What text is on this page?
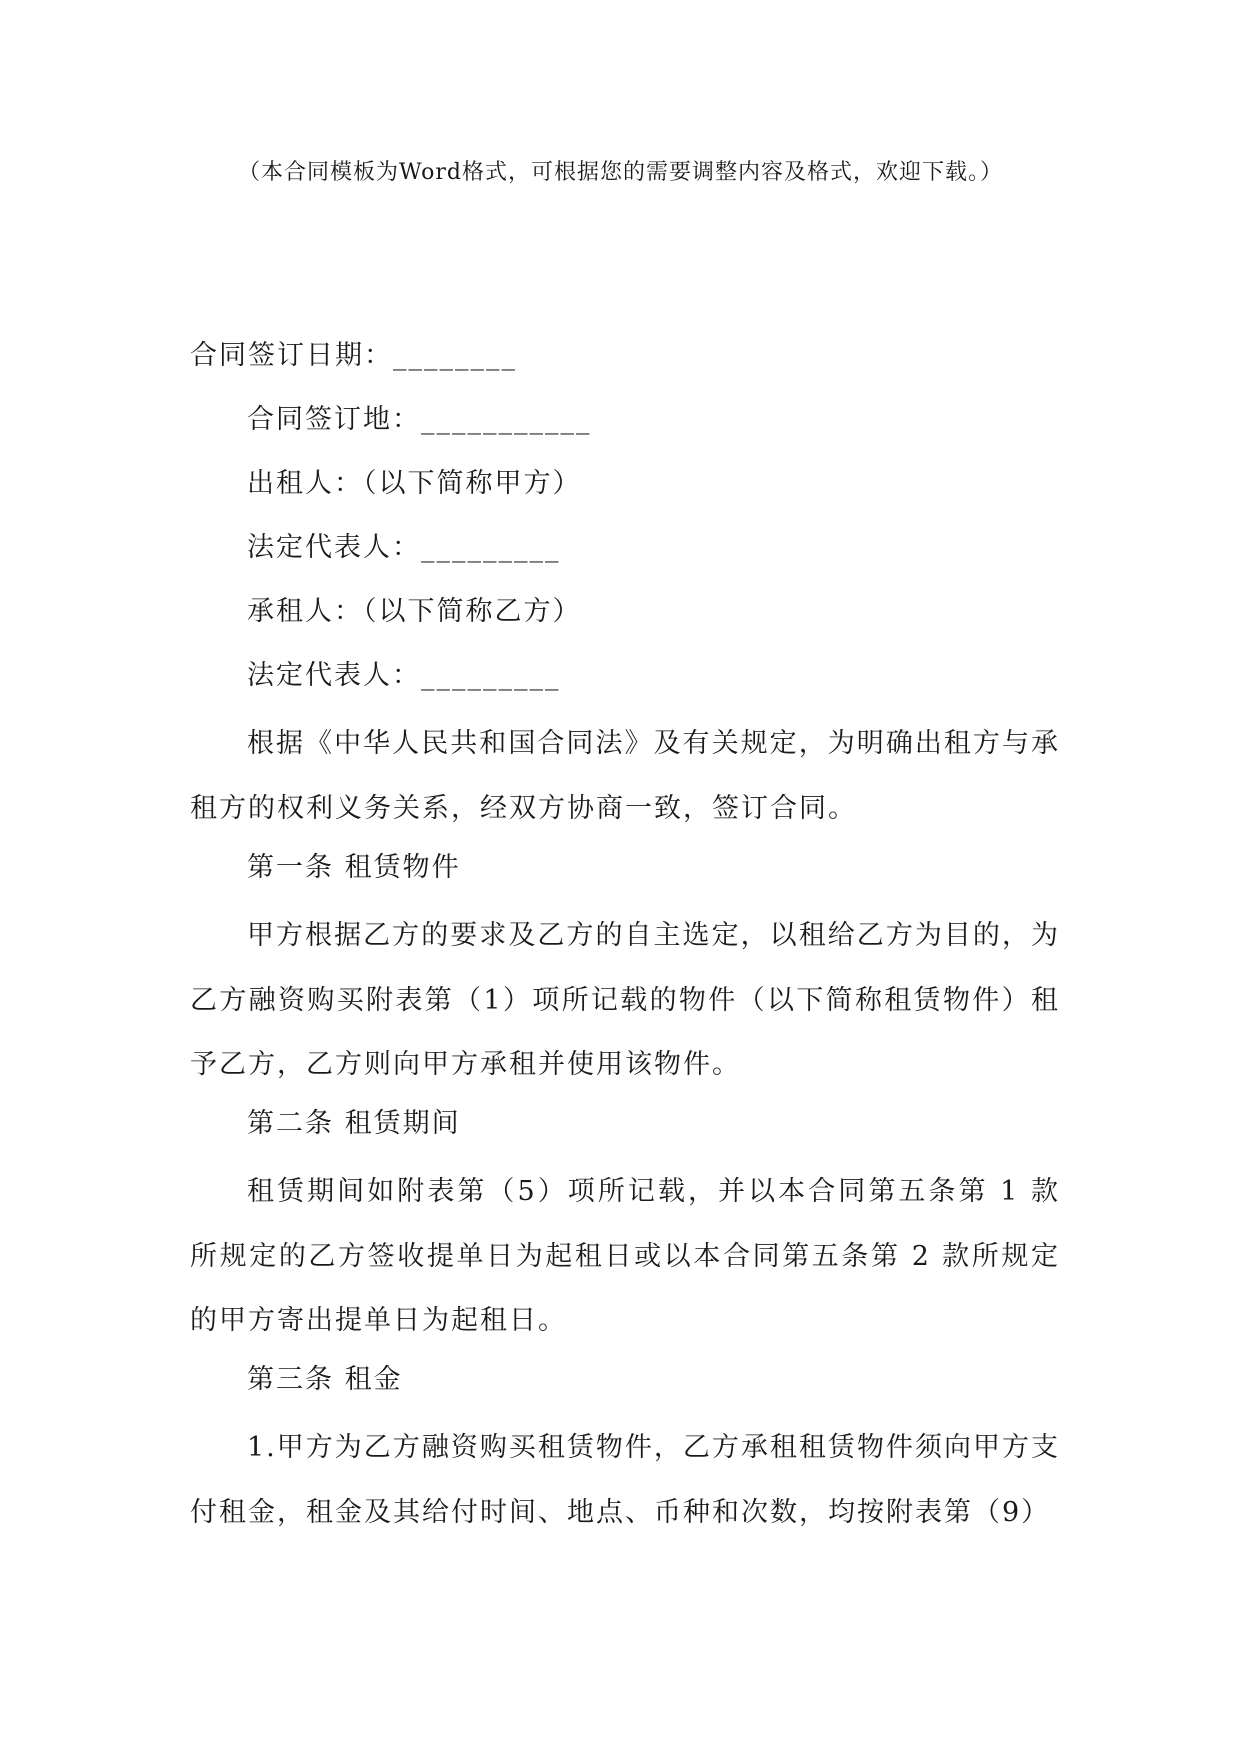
（本合同模板为Word格式，可根据您的需要调整内容及格式，欢迎下载。）
合同签订日期：________
合同签订地：___________
出租人：（以下简称甲方）
法定代表人：_________
承租人：（以下简称乙方）
法定代表人：_________
根据《中华人民共和国合同法》及有关规定，为明确出租方与承租方的权利义务关系，经双方协商一致，签订合同。
第一条 租赁物件
甲方根据乙方的要求及乙方的自主选定，以租给乙方为目的，为乙方融资购买附表第（1）项所记载的物件（以下简称租赁物件）租予乙方，乙方则向甲方承租并使用该物件。
第二条 租赁期间
租赁期间如附表第（5）项所记载，并以本合同第五条第 1 款所规定的乙方签收提单日为起租日或以本合同第五条第 2 款所规定的甲方寄出提单日为起租日。
第三条 租金
1.甲方为乙方融资购买租赁物件，乙方承租租赁物件须向甲方支付租金，租金及其给付时间、地点、币种和次数，均按附表第（9）
